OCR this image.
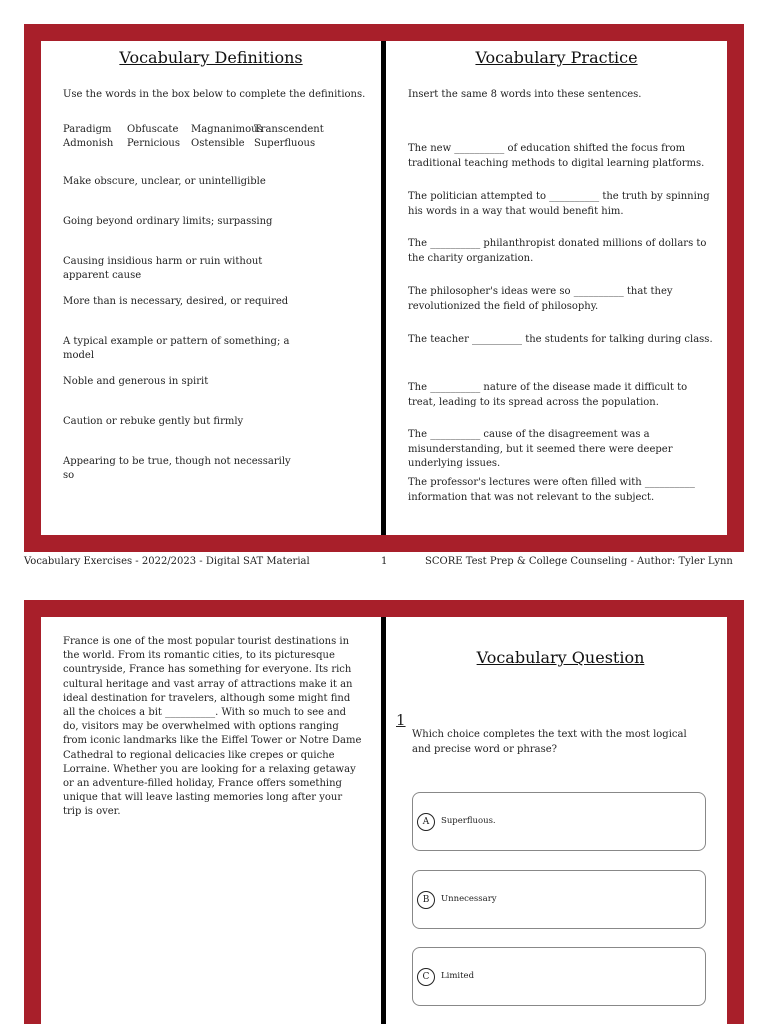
Vocabulary Definitions
Use the words in the box below to complete the definitions.
Paradigm Obfuscate Magnanimous
Transcendent
Admonish Pernicious Ostensible Superfluous
Make obscure, unclear, or unintelligible
Going beyond ordinary limits; surpassing
Causing insidious harm or ruin without apparent cause
More than is necessary, desired, or required
A typical example or pattern of something; a model
Noble and generous in spirit
Caution or rebuke gently but firmly
Appearing to be true, though not necessarily so
Vocabulary Practice
Insert the same 8 words into these sentences.
The new __________ of education shifted the focus from traditional teaching methods to digital learning platforms.
The politician attempted to __________ the truth by spinning his words in a way that would benefit him.
The __________ philanthropist donated millions of dollars to the charity organization.
The philosopher's ideas were so __________ that they revolutionized the field of philosophy.
The teacher __________ the students for talking during class.
The __________ nature of the disease made it difficult to treat, leading to its spread across the population.
The __________ cause of the disagreement was a misunderstanding, but it seemed there were deeper underlying issues.
The professor's lectures were often filled with __________ information that was not relevant to the subject.
Vocabulary Exercises - 2022/2023 - Digital SAT Material	1	SCORE Test Prep & College Counseling - Author: Tyler Lynn
France is one of the most popular tourist destinations in the world. From its romantic cities, to its picturesque countryside, France has something for everyone. Its rich cultural heritage and vast array of attractions make it an ideal destination for travelers, although some might find all the choices a bit __________. With so much to see and do, visitors may be overwhelmed with options ranging from iconic landmarks like the Eiffel Tower or Notre Dame Cathedral to regional delicacies like crepes or quiche Lorraine. Whether you are looking for a relaxing getaway or an adventure-filled holiday, France offers something unique that will leave lasting memories long after your trip is over.
Vocabulary Question
1
Which choice completes the text with the most logical and precise word or phrase?
A	Superfluous.
B	Unnecessary
C	Limited
